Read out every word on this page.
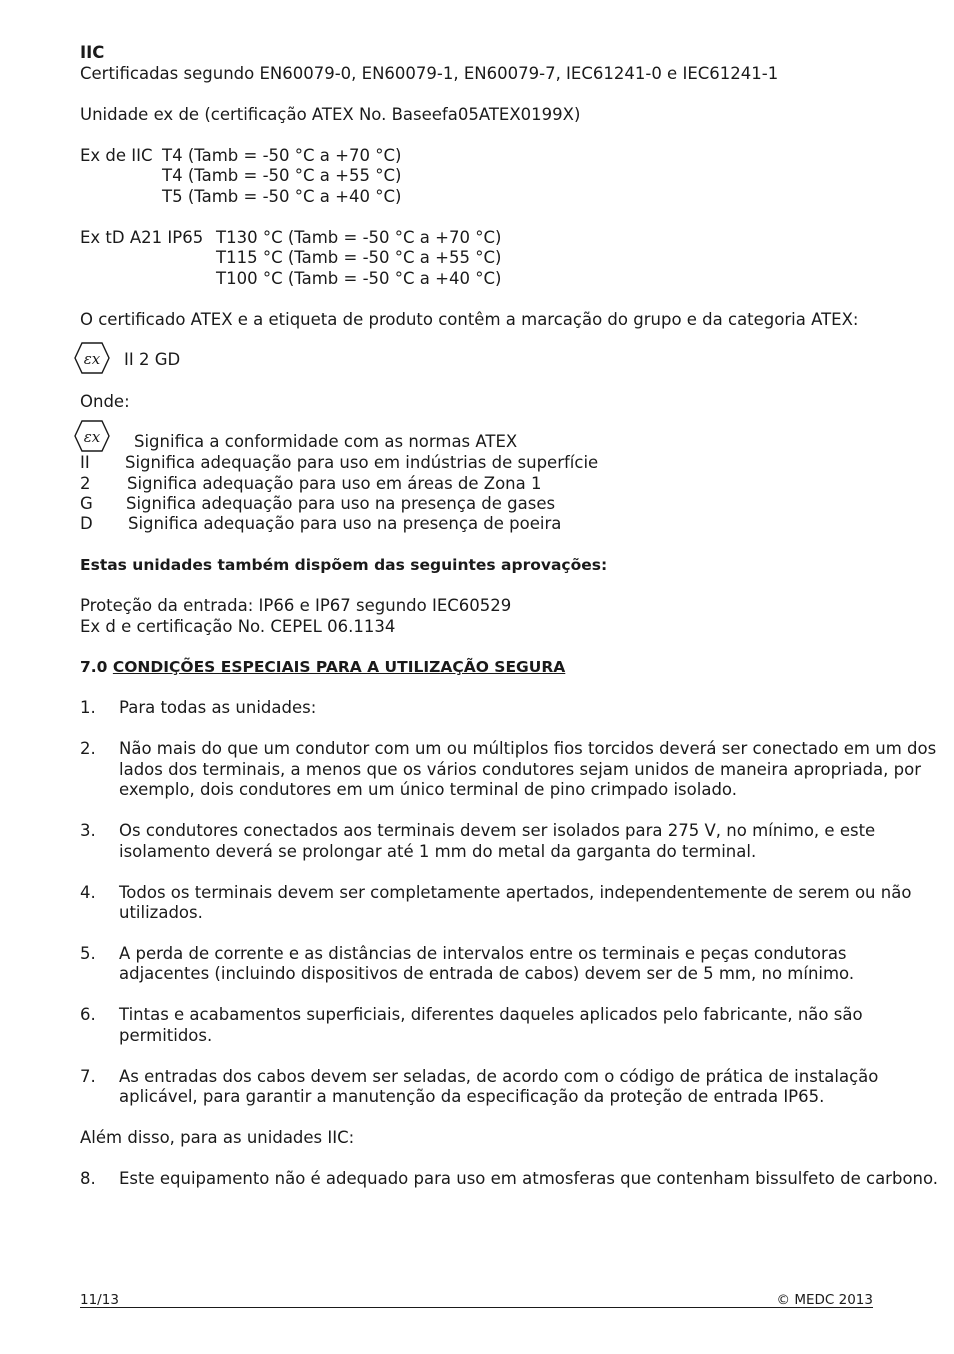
IIC
Certificadas segundo EN60079-0, EN60079-1, EN60079-7, IEC61241-0 e IEC61241-1
Unidade ex de (certificação ATEX No. Baseefa05ATEX0199X)
Ex de IIC T4 (Tamb = -50 °C a +70 °C)
T4 (Tamb = -50 °C a +55 °C)
T5 (Tamb = -50 °C a +40 °C)
Ex tD A21 IP65 T130 °C (Tamb = -50 °C a +70 °C)
T115 °C (Tamb = -50 °C a +55 °C)
T100 °C (Tamb = -50 °C a +40 °C)
O certificado ATEX e a etiqueta de produto contêm a marcação do grupo e da categoria ATEX:
εx II 2 GD
Onde:
εx Significa a conformidade com as normas ATEX
II Significa adequação para uso em indústrias de superfície
2 Significa adequação para uso em áreas de Zona 1
G Significa adequação para uso na presença de gases
D Significa adequação para uso na presença de poeira
Estas unidades também dispõem das seguintes aprovações:
Proteção da entrada: IP66 e IP67 segundo IEC60529
Ex d e certificação No. CEPEL 06.1134
7.0 CONDIÇÕES ESPECIAIS PARA A UTILIZAÇÃO SEGURA
1. Para todas as unidades:
2. Não mais do que um condutor com um ou múltiplos fios torcidos deverá ser conectado em um dos
lados dos terminais, a menos que os vários condutores sejam unidos de maneira apropriada, por
exemplo, dois condutores em um único terminal de pino crimpado isolado.
3. Os condutores conectados aos terminais devem ser isolados para 275 V, no mínimo, e este
isolamento deverá se prolongar até 1 mm do metal da garganta do terminal.
4. Todos os terminais devem ser completamente apertados, independentemente de serem ou não
utilizados.
5. A perda de corrente e as distâncias de intervalos entre os terminais e peças condutoras
adjacentes (incluindo dispositivos de entrada de cabos) devem ser de 5 mm, no mínimo.
6. Tintas e acabamentos superficiais, diferentes daqueles aplicados pelo fabricante, não são
permitidos.
7. As entradas dos cabos devem ser seladas, de acordo com o código de prática de instalação
aplicável, para garantir a manutenção da especificação da proteção de entrada IP65.
Além disso, para as unidades IIC:
8. Este equipamento não é adequado para uso em atmosferas que contenham bissulfeto de carbono.
11/13	© MEDC 2013
